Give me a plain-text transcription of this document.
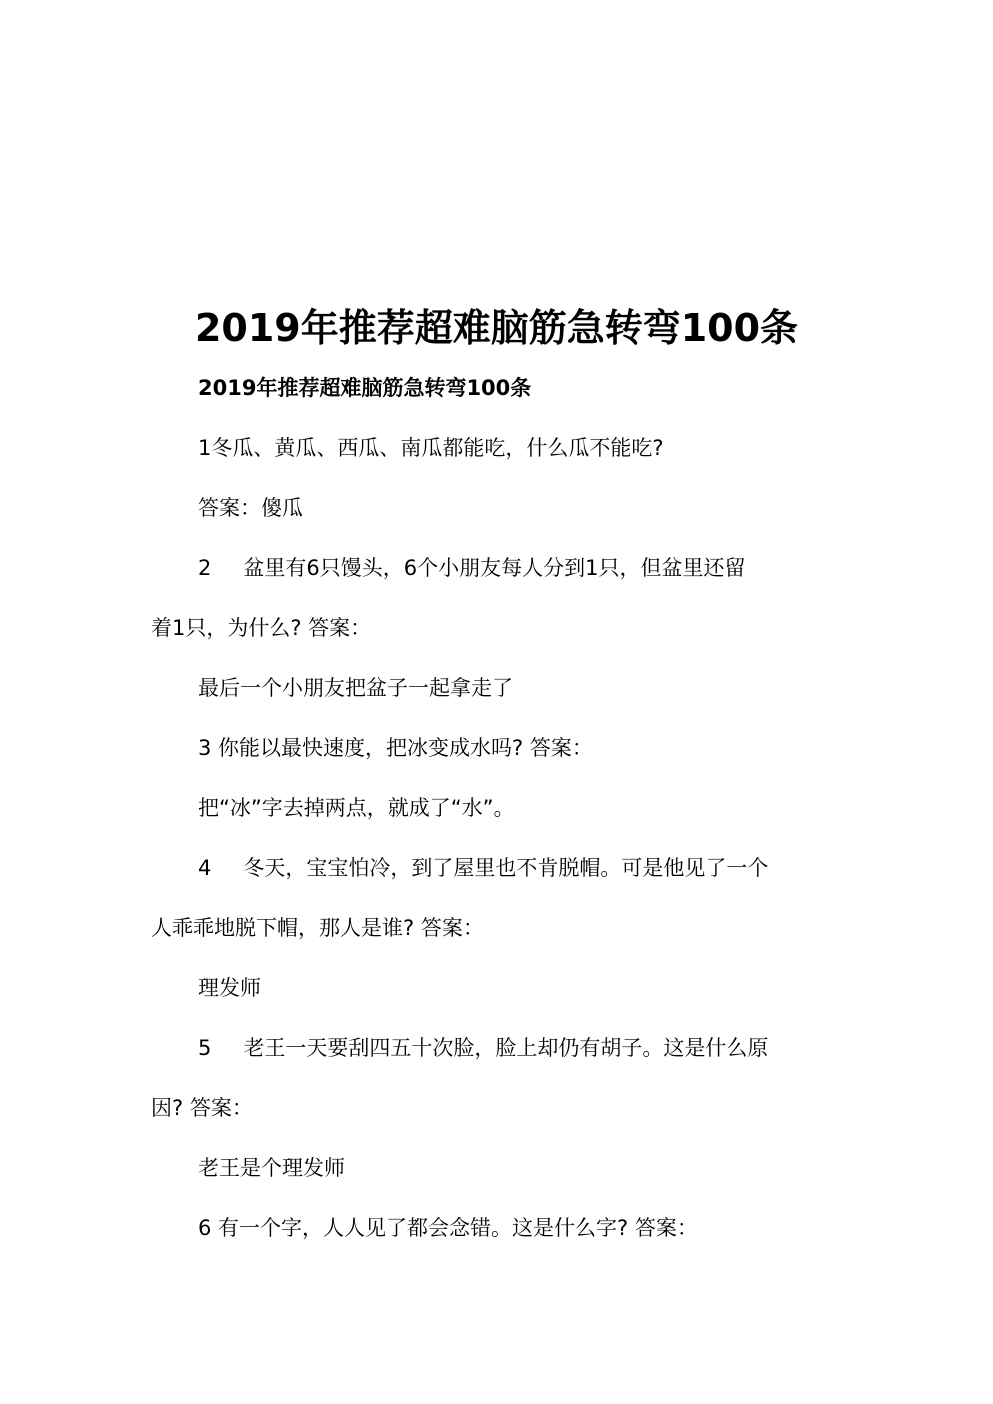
2019年推荐超难脑筋急转弯100条
2019年推荐超难脑筋急转弯100条
1冬瓜、黄瓜、西瓜、南瓜都能吃，什么瓜不能吃?
答案：傻瓜
2 盆里有6只馒头，6个小朋友每人分到1只，但盆里还留
着1只，为什么? 答案：
最后一个小朋友把盆子一起拿走了
3 你能以最快速度，把冰变成水吗? 答案：
把“冰”字去掉两点，就成了“水”。
4 冬天，宝宝怕冷，到了屋里也不肯脱帽。可是他见了一个
人乖乖地脱下帽，那人是谁? 答案：
理发师
5 老王一天要刮四五十次脸，脸上却仍有胡子。这是什么原
因? 答案：
老王是个理发师
6 有一个字，人人见了都会念错。这是什么字? 答案：
